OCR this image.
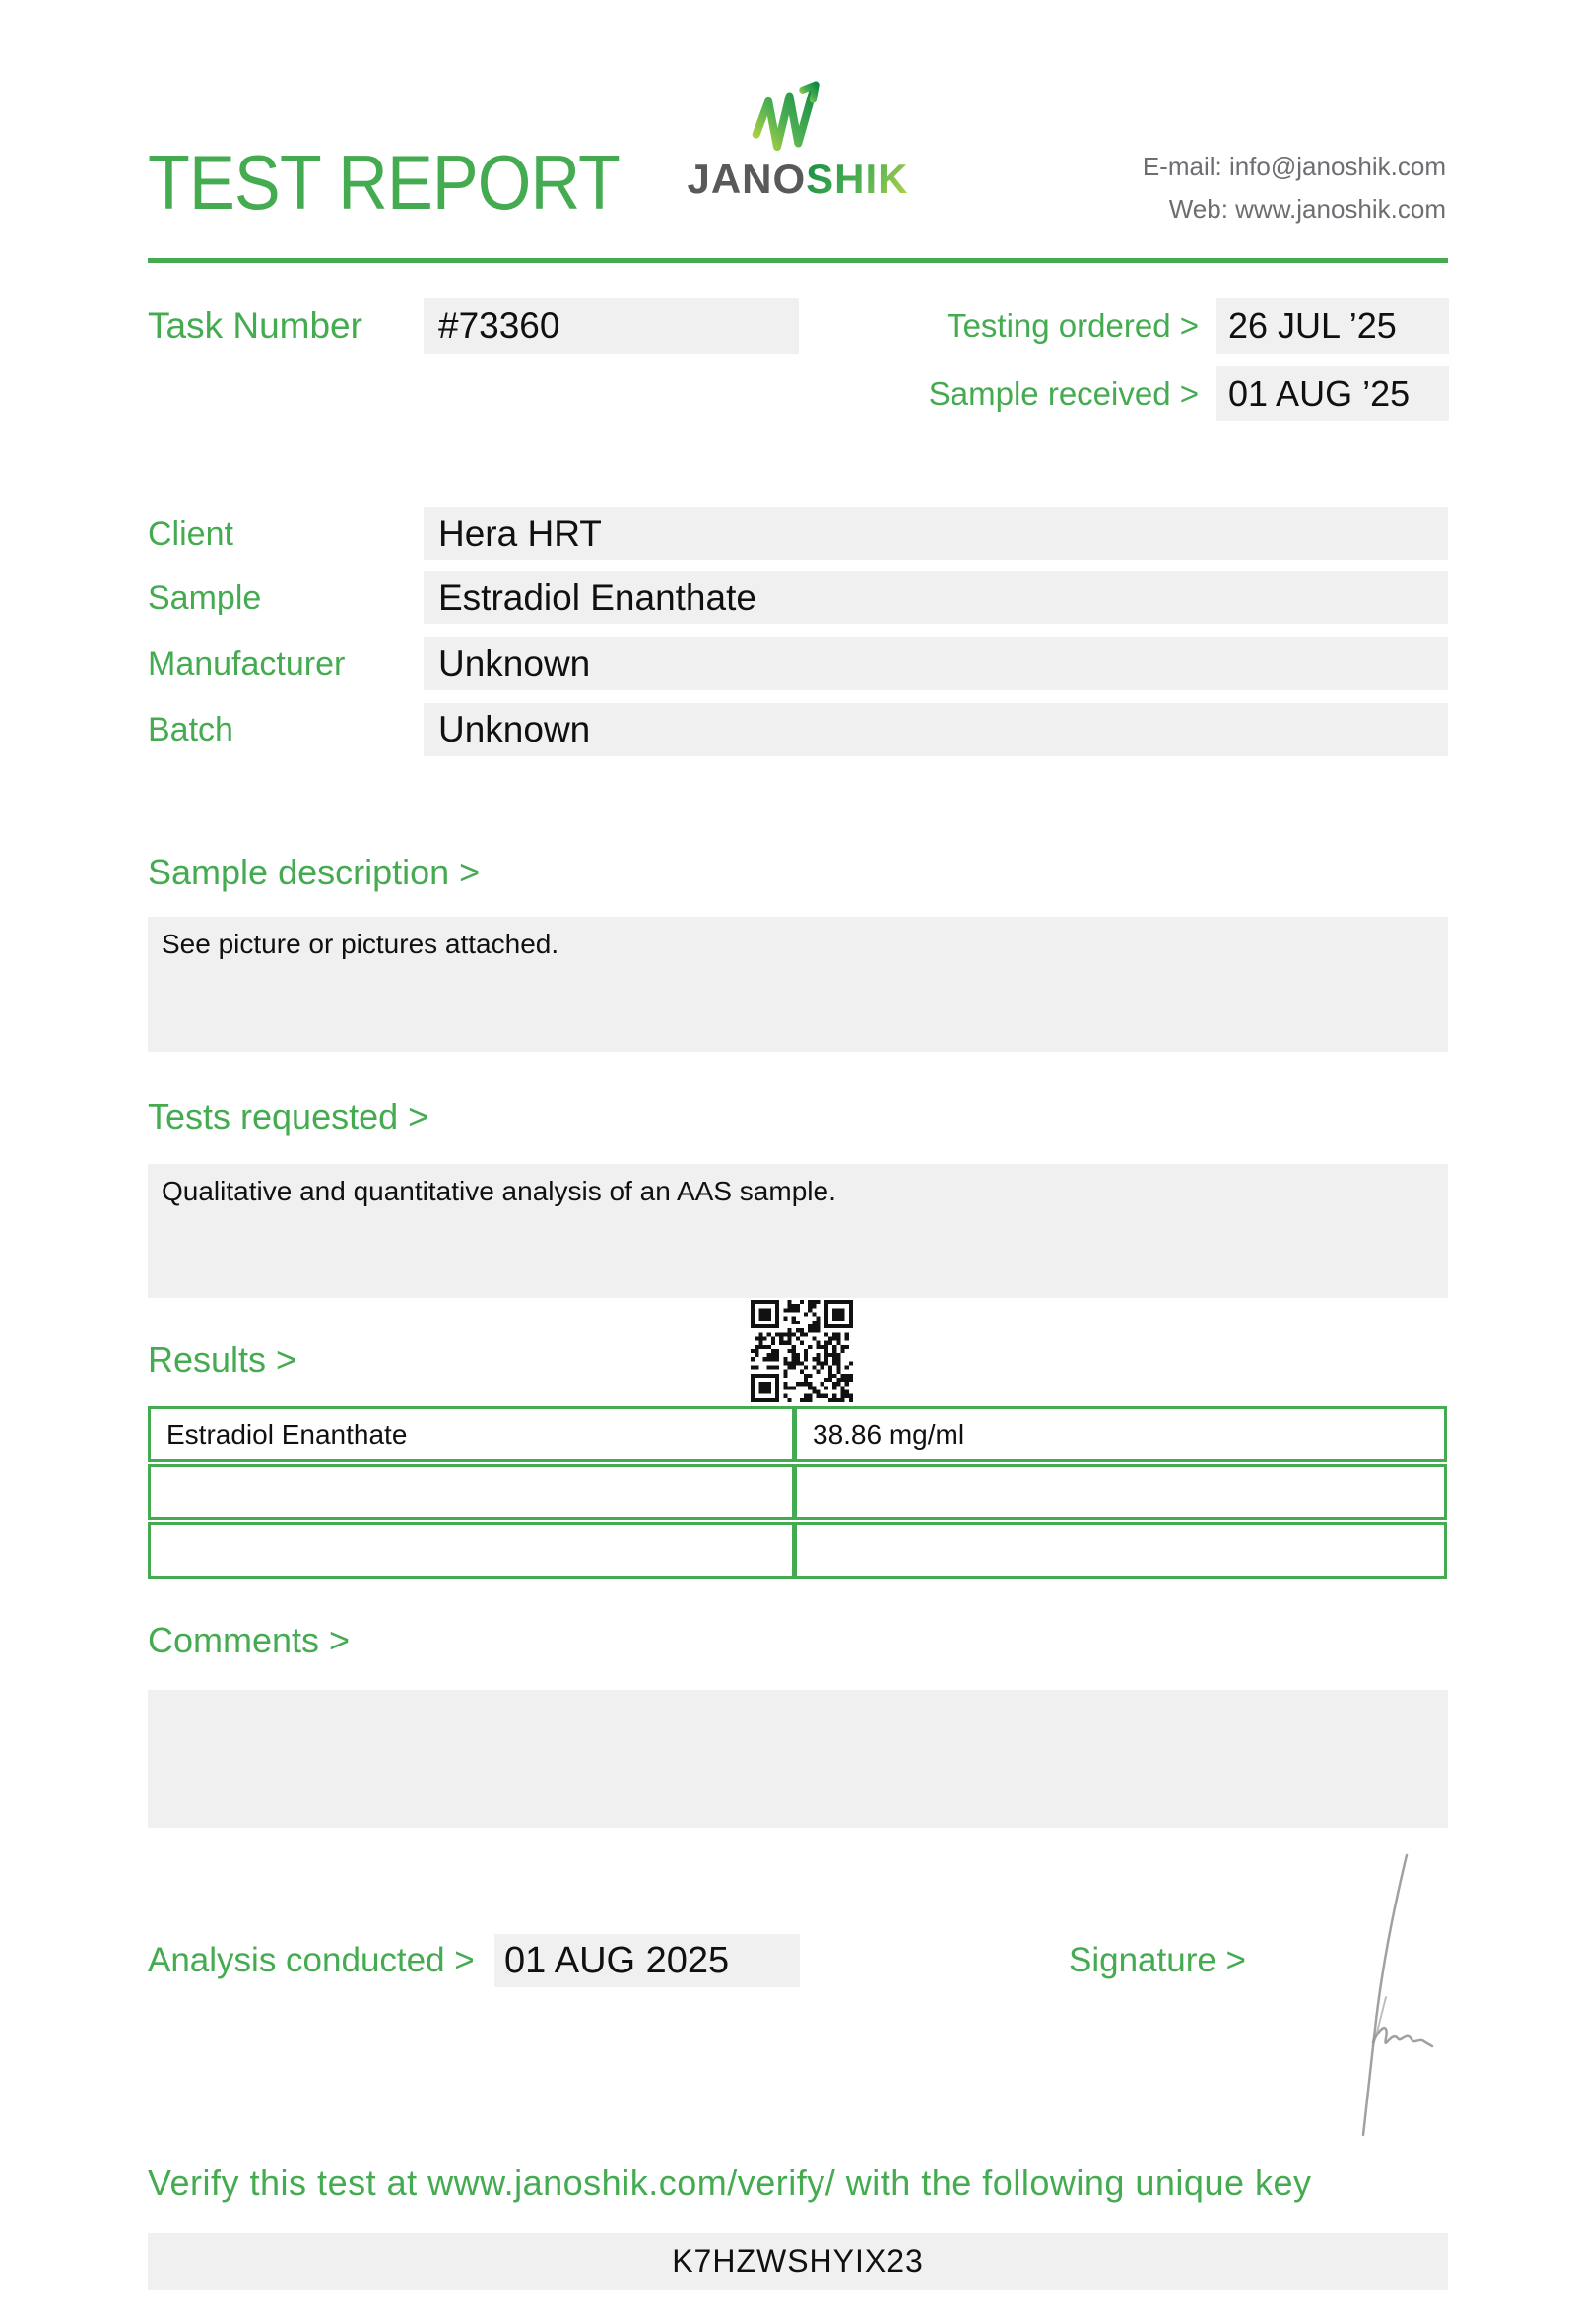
TEST REPORT	JANOSHIK	E-mail: info@janoshik.com
Web: www.janoshik.com
Task Number	#73360	Testing ordered > 26 JUL ’25
Sample received > 01 AUG ’25
Client	Hera HRT
Sample	Estradiol Enanthate
Manufacturer	Unknown
Batch	Unknown
Sample description >
See picture or pictures attached.
Tests requested >
Qualitative and quantitative analysis of an AAS sample.
Results >
Estradiol Enanthate	38.86 mg/ml
Comments >
Analysis conducted > 01 AUG 2025	Signature >
Verify this test at www.janoshik.com/verify/ with the following unique key
K7HZWSHYIX23
